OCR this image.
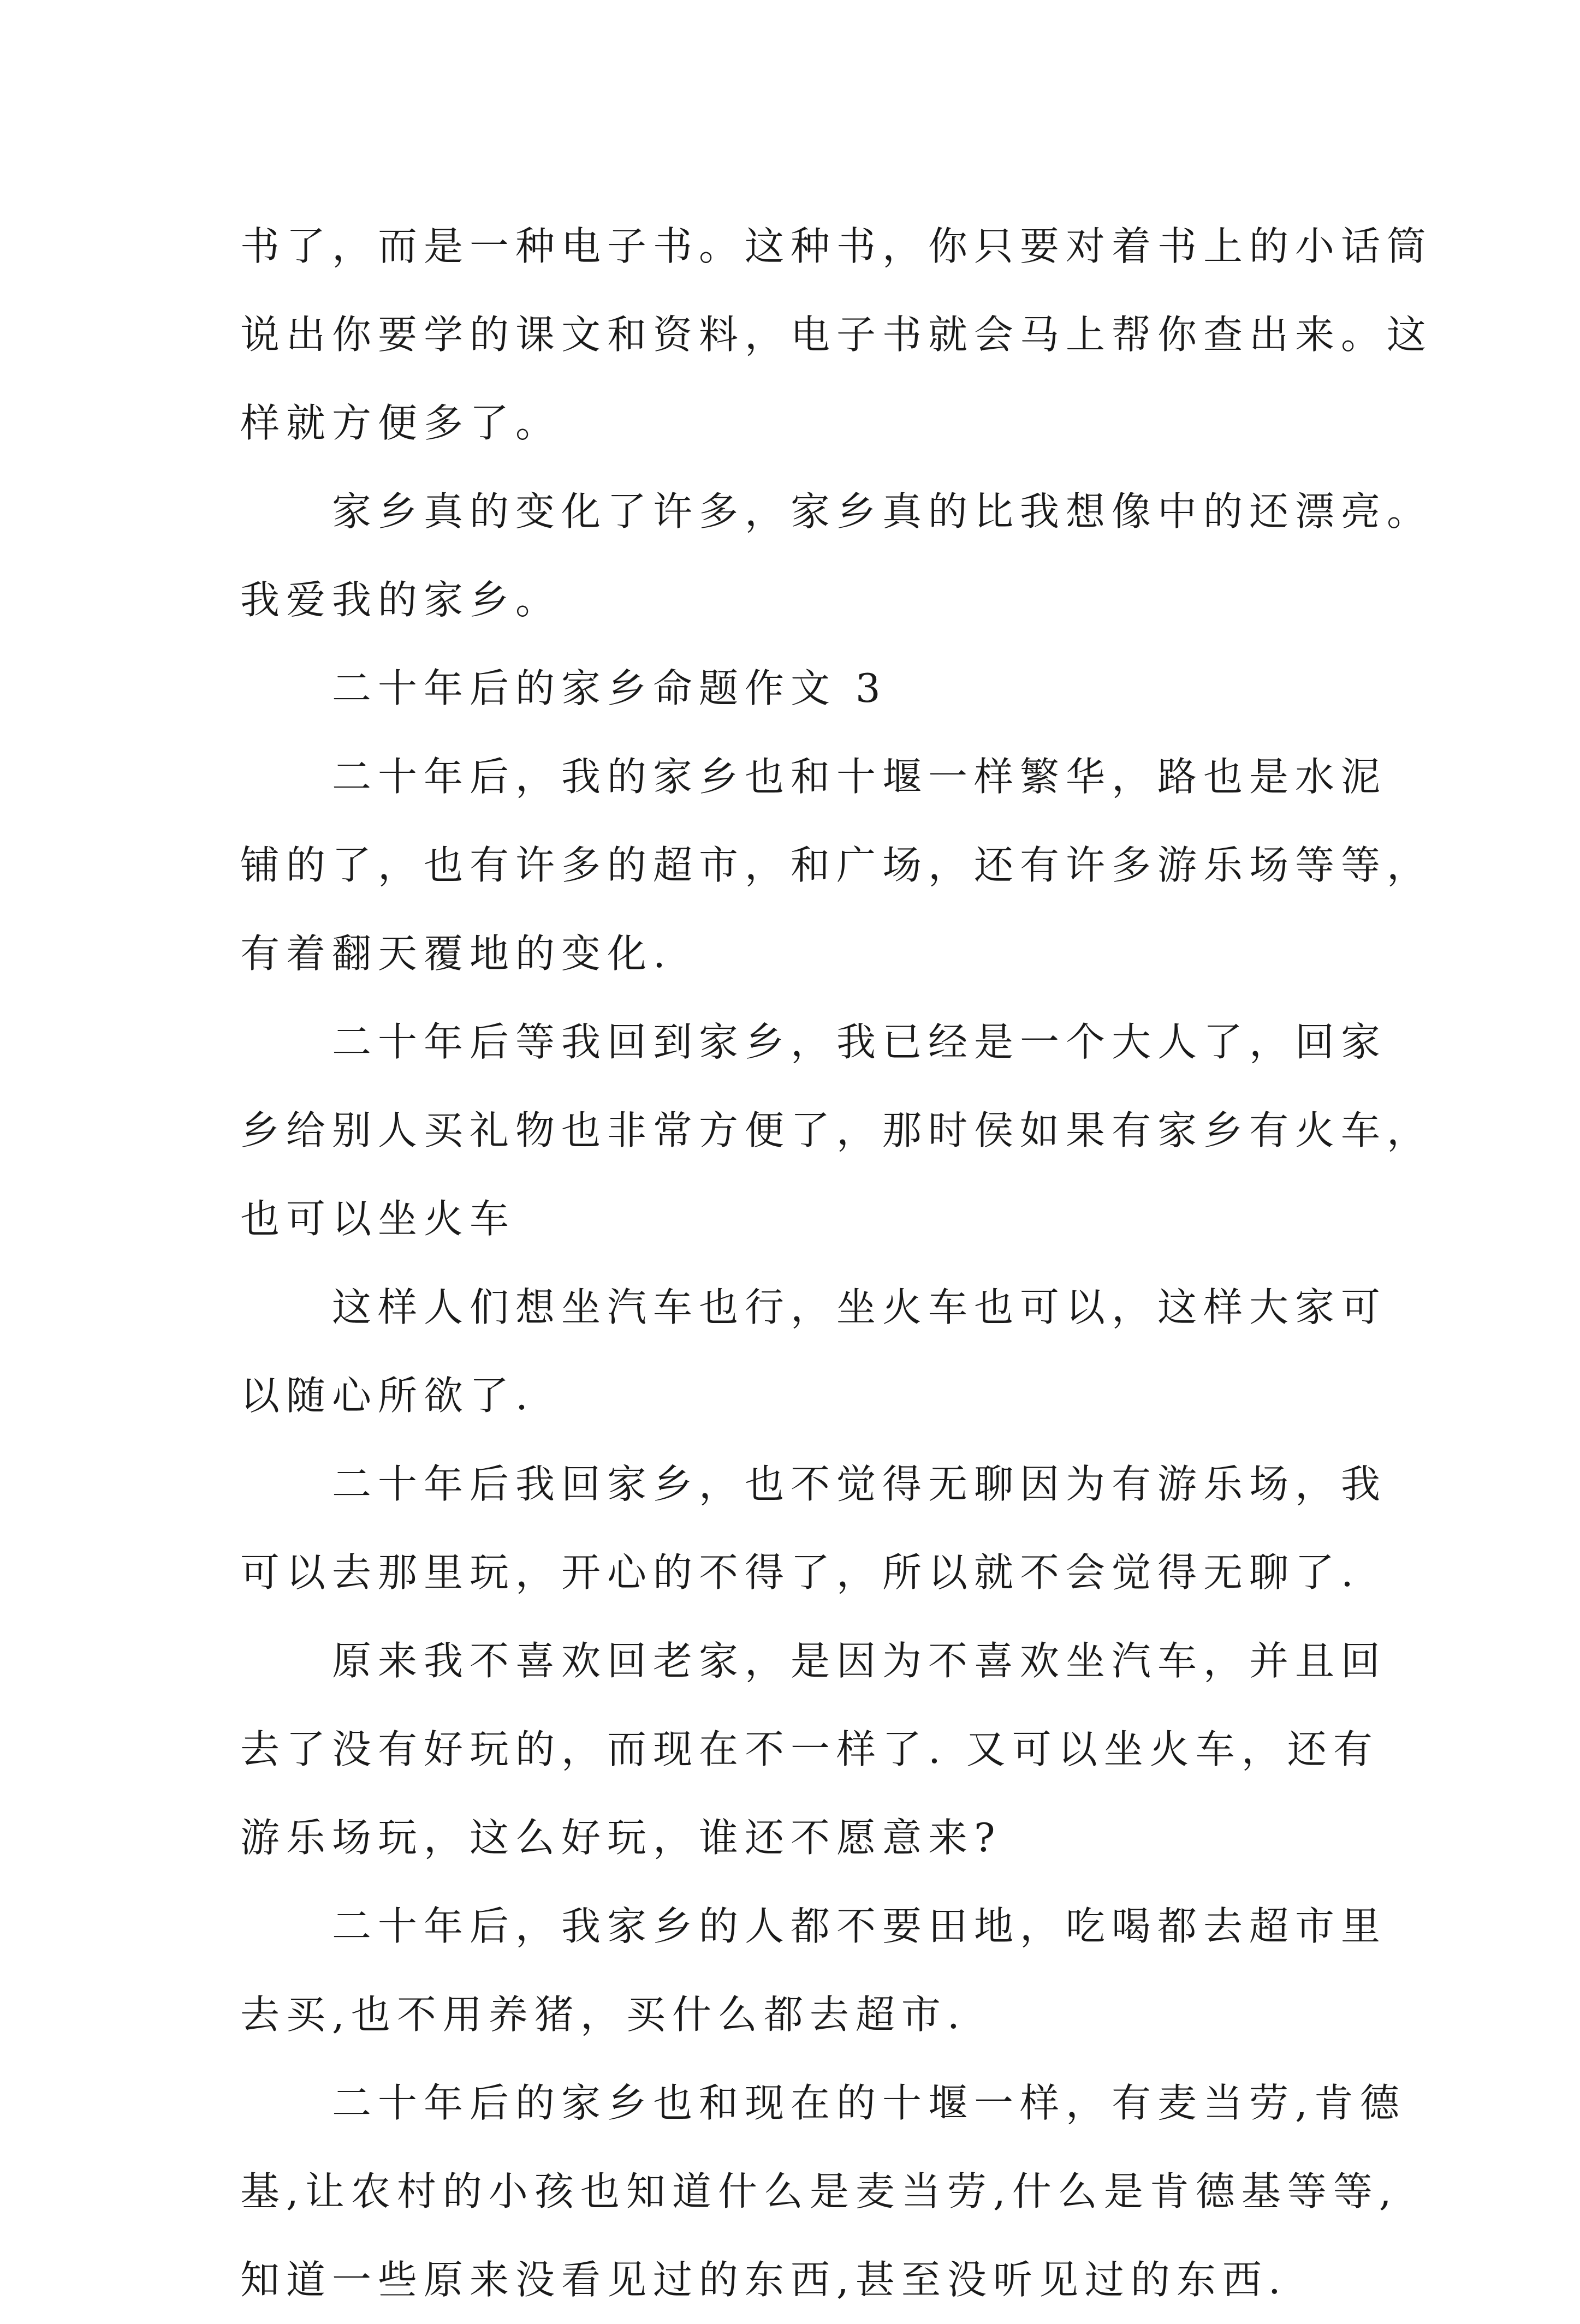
书了，而是一种电子书。这种书，你只要对着书上的小话筒
说出你要学的课文和资料，电子书就会马上帮你查出来。这
样就方便多了。

家乡真的变化了许多，家乡真的比我想像中的还漂亮。
我爱我的家乡。

二十年后的家乡命题作文 3

二十年后，我的家乡也和十堰一样繁华，路也是水泥
铺的了，也有许多的超市，和广场，还有许多游乐场等等，
有着翻天覆地的变化.

二十年后等我回到家乡，我已经是一个大人了，回家
乡给别人买礼物也非常方便了，那时侯如果有家乡有火车，
也可以坐火车

这样人们想坐汽车也行，坐火车也可以，这样大家可
以随心所欲了.

二十年后我回家乡，也不觉得无聊因为有游乐场，我
可以去那里玩，开心的不得了，所以就不会觉得无聊了.

原来我不喜欢回老家，是因为不喜欢坐汽车，并且回
去了没有好玩的，而现在不一样了. 又可以坐火车，还有
游乐场玩，这么好玩，谁还不愿意来?

二十年后，我家乡的人都不要田地，吃喝都去超市里
去买,也不用养猪，买什么都去超市.

二十年后的家乡也和现在的十堰一样，有麦当劳,肯德
基,让农村的小孩也知道什么是麦当劳,什么是肯德基等等,
知道一些原来没看见过的东西,甚至没听见过的东西.
